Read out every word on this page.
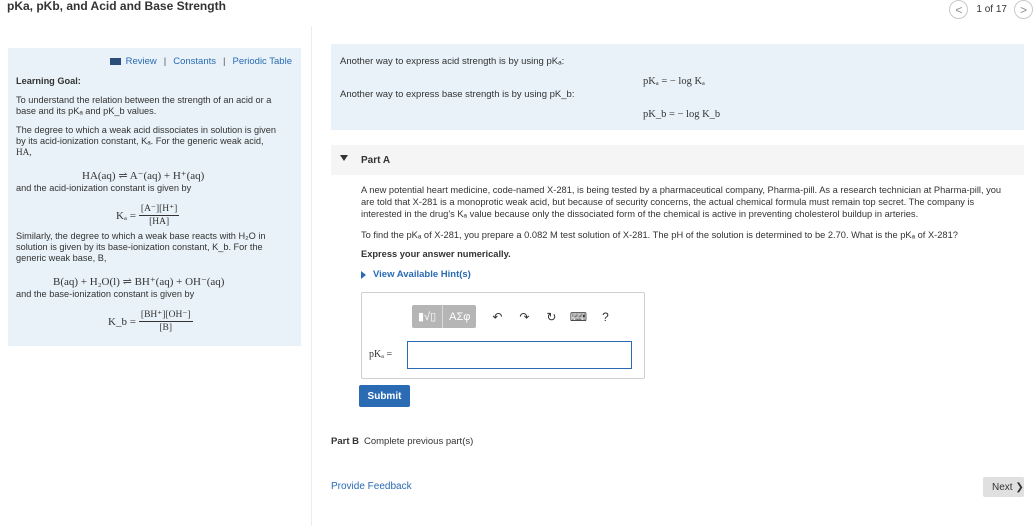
pKa, pKb, and Acid and Base Strength	<	1 of 17	>
Review | Constants | Periodic Table
Learning Goal:
To understand the relation between the strength of an acid or a
base and its pKₐ and pK_b values.
The degree to which a weak acid dissociates in solution is given
by its acid-ionization constant, Kₐ. For the generic weak acid,
HA,
HA(aq) ⇌ A⁻(aq) + H⁺(aq)
and the acid-ionization constant is given by
$K_a = \frac{[A^-][H^+]}{[HA]}$
Similarly, the degree to which a weak base reacts with H₂O in
solution is given by its base-ionization constant, K_b. For the
generic weak base, B,
B(aq) + H₂O(l) ⇌ BH⁺(aq) + OH⁻(aq)
and the base-ionization constant is given by
K_b = $\frac{[BH^+][OH^-]}{[B]}$
Another way to express acid strength is by using pKₐ:
pKₐ = − log Kₐ
Another way to express base strength is by using pK_b:
pK_b = − log K_b
Part A
A new potential heart medicine, code-named X-281, is being tested by a pharmaceutical company, Pharma-pill. As a research technician at Pharma-pill, you
are told that X-281 is a monoprotic weak acid, but because of security concerns, the actual chemical formula must remain top secret. The company is
interested in the drug's Kₐ value because only the dissociated form of the chemical is active in preventing cholesterol buildup in arteries.
To find the pKₐ of X-281, you prepare a 0.082 M test solution of X-281. The pH of the solution is determined to be 2.70. What is the pKₐ of X-281?
Express your answer numerically.
View Available Hint(s)
▮√▯	ΑΣφ	↶ ↷ ↻ ⌨	?
pKₐ =
Submit
Part B Complete previous part(s)
Provide Feedback	Next ❯
